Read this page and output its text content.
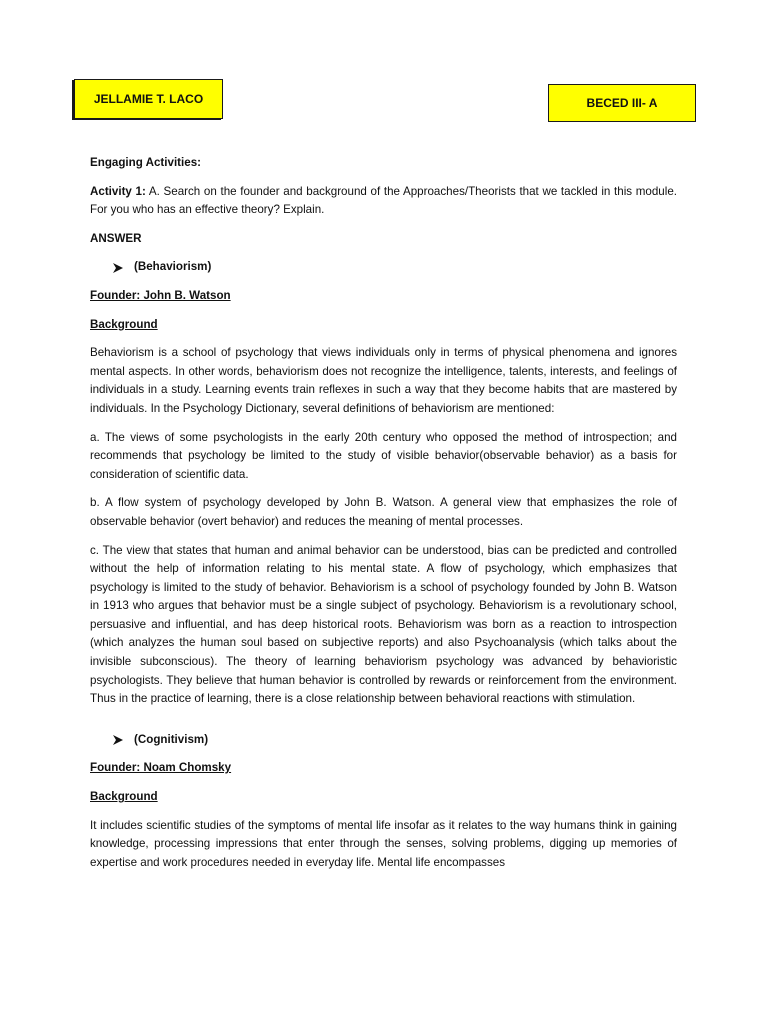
JELLAMIE T. LACO	BECED III- A
Engaging Activities:

Activity 1: A. Search on the founder and background of the Approaches/Theorists that we tackled in this module. For you who has an effective theory? Explain.

ANSWER
(Behaviorism)
Founder: John B. Watson
Background

Behaviorism is a school of psychology that views individuals only in terms of physical phenomena and ignores mental aspects. In other words, behaviorism does not recognize the intelligence, talents, interests, and feelings of individuals in a study. Learning events train reflexes in such a way that they become habits that are mastered by individuals. In the Psychology Dictionary, several definitions of behaviorism are mentioned:

a. The views of some psychologists in the early 20th century who opposed the method of introspection; and recommends that psychology be limited to the study of visible behavior(observable behavior) as a basis for consideration of scientific data.

b. A flow system of psychology developed by John B. Watson. A general view that emphasizes the role of observable behavior (overt behavior) and reduces the meaning of mental processes.

c. The view that states that human and animal behavior can be understood, bias can be predicted and controlled without the help of information relating to his mental state. A flow of psychology, which emphasizes that psychology is limited to the study of behavior. Behaviorism is a school of psychology founded by John B. Watson in 1913 who argues that behavior must be a single subject of psychology. Behaviorism is a revolutionary school, persuasive and influential, and has deep historical roots. Behaviorism was born as a reaction to introspection (which analyzes the human soul based on subjective reports) and also Psychoanalysis (which talks about the invisible subconscious). The theory of learning behaviorism psychology was advanced by behavioristic psychologists. They believe that human behavior is controlled by rewards or reinforcement from the environment. Thus in the practice of learning, there is a close relationship between behavioral reactions with stimulation.

(Cognitivism)
Founder: Noam Chomsky
Background

It includes scientific studies of the symptoms of mental life insofar as it relates to the way humans think in gaining knowledge, processing impressions that enter through the senses, solving problems, digging up memories of expertise and work procedures needed in everyday life. Mental life encompasses
